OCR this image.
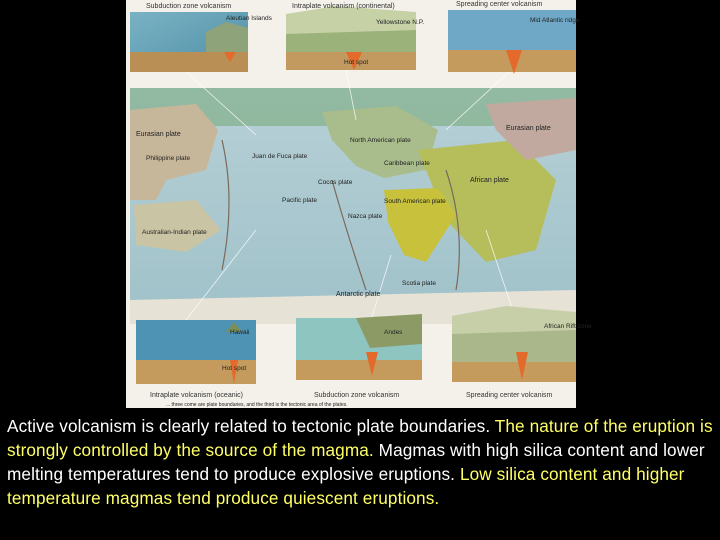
Subduction zone volcanism
Aleutian Islands
Intraplate volcanism (continental)
Yellowstone N.P.
Hot spot
Spreading center volcanism
Mid Atlantic ridge
Eurasian plate
Philippine plate	Juan de Fuca plate
North American plate
Eurasian plate
Caribbean plate
Cocos plate	African plate
Pacific plate	South American plate
Nazca plate
Australian-Indian plate
Scotia plate
Antarctic plate
Hawaii
Hot spot
Intraplate volcanism (oceanic)
Andes
Subduction zone volcanism
African Rift zone
Spreading center volcanism
... three come are plate boundaries, and the third is the tectonic area of the plates.
Active volcanism is clearly related to tectonic plate boundaries. The nature of the eruption is strongly controlled by the source of the magma. Magmas with high silica content and lower melting temperatures tend to produce explosive eruptions. Low silica content and higher temperature magmas tend produce quiescent eruptions.
